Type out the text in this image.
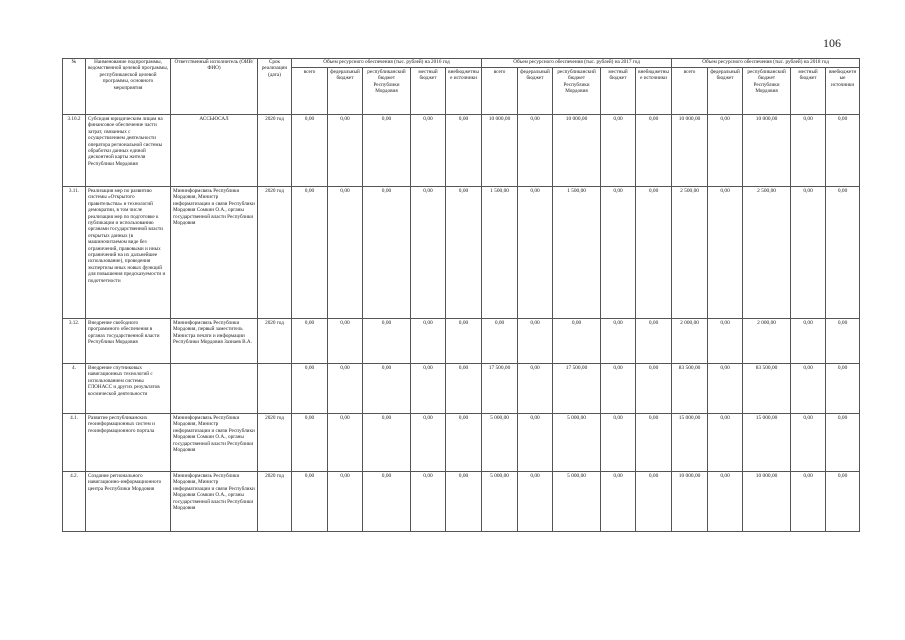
106
№	Наименование подпрограммы, ведомственной целевой программы, республиканской целевой программы, основного мероприятия	Ответственный исполнитель (ОИВ/ФИО)	Срок реализации (дата)	Объем ресурсного обеспечения (тыс. рублей) на 2016 год					Объем ресурсного обеспечения (тыс. рублей) на 2017 год					Объем ресурсного обеспечения (тыс. рублей) на 2018 год				
				всего	федеральный бюджет	республиканский бюджет Республики Мордовия	местный бюджет	внебюджетные источники	всего	федеральный бюджет	республиканский бюджет Республики Мордовия	местный бюджет	внебюджетные источники	всего	федеральный бюджет	республиканский бюджет Республики Мордовия	местный бюджет	внебюджетные источники
3.10.2	Субсидия юридическим лицам на финансовое обеспечение части затрат, связанных с осуществлением деятельности оператора региональной системы обработки данных единой дисконтной карты жителя Республики Мордовия	АССЬЮСАЛ	2020 год	0,00	0,00	0,00	0,00	0,00	10 000,00	0,00	10 000,00	0,00	0,00	10 000,00	0,00	10 000,00	0,00	0,00
3.11.	Реализация мер по развитию системы «Открытого правительства» и технологий демократии, в том числе реализация мер по подготовке к публикации и использованию органами государственной власти открытых данных (в машиночитаемом виде без ограничений, правовыми и иных ограничений на их дальнейшее использование), проведения экспертизы иных новых функций для повышения предсказуемости и подотчетности	Мининформсвязь Республики Мордовия, Министр информатизации и связи Республики Мордовия Сомкин О.А., органы государственной власти Республики Мордовия	2020 год	0,00	0,00	0,00	0,00	0,00	1 500,00	0,00	1 500,00	0,00	0,00	2 500,00	0,00	2 500,00	0,00	0,00
3.12.	Внедрение свободного программного обеспечения в органах государственной власти Республики Мордовия	Мининформсвязь Республики Мордовия, первый заместитель Министра печати и информации Республики Мордовия Зазнаев В.А.	2020 год	0,00	0,00	0,00	0,00	0,00	0,00	0,00	0,00	0,00	0,00	2 000,00	0,00	2 000,00	0,00	0,00
4.	Внедрение спутниковых навигационных технологий с использованием системы ГЛОНАСС и других результатов космической деятельности			0,00	0,00	0,00	0,00	0,00	17 500,00	0,00	17 500,00	0,00	0,00	83 500,00	0,00	83 500,00	0,00	0,00
4.1.	Развитие республиканских геоинформационных систем и геоинформационного портала	Мининформсвязь Республики Мордовия, Министр информатизации и связи Республики Мордовия Сомкин О.А., органы государственной власти Республики Мордовия	2020 год	0,00	0,00	0,00	0,00	0,00	5 000,00	0,00	5 000,00	0,00	0,00	15 000,00	0,00	15 000,00	0,00	0,00
4.2.	Создание регионального навигационно-информационного центра Республики Мордовия	Мининформсвязь Республики Мордовия, Министр информатизации и связи Республики Мордовия Сомкин О.А., органы государственной власти Республики Мордовия	2020 год	0,00	0,00	0,00	0,00	0,00	5 000,00	0,00	5 000,00	0,00	0,00	10 000,00	0,00	10 000,00	0,00	0,00
